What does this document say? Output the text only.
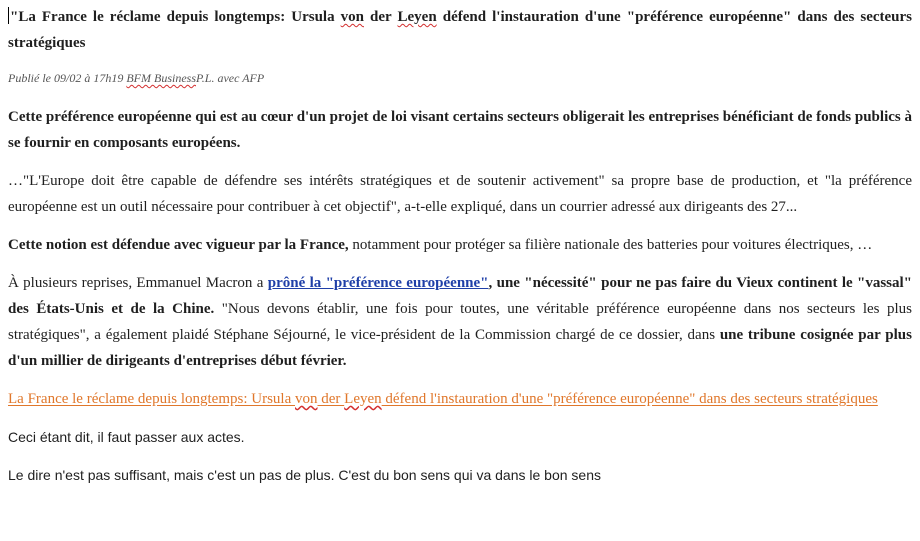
"La France le réclame depuis longtemps: Ursula von der Leyen défend l'instauration d'une "préférence européenne" dans des secteurs stratégiques

Publié le 09/02 à 17h19 BFM BusinessP.L. avec AFP

Cette préférence européenne qui est au cœur d'un projet de loi visant certains secteurs obligerait les entreprises bénéficiant de fonds publics à se fournir en composants européens.

…"L'Europe doit être capable de défendre ses intérêts stratégiques et de soutenir activement" sa propre base de production, et "la préférence européenne est un outil nécessaire pour contribuer à cet objectif", a-t-elle expliqué, dans un courrier adressé aux dirigeants des 27...

Cette notion est défendue avec vigueur par la France, notamment pour protéger sa filière nationale des batteries pour voitures électriques, …

À plusieurs reprises, Emmanuel Macron a prôné la "préférence européenne", une "nécessité" pour ne pas faire du Vieux continent le "vassal" des États-Unis et de la Chine. "Nous devons établir, une fois pour toutes, une véritable préférence européenne dans nos secteurs les plus stratégiques", a également plaidé Stéphane Séjourné, le vice-président de la Commission chargé de ce dossier, dans une tribune cosignée par plus d'un millier de dirigeants d'entreprises début février.

La France le réclame depuis longtemps: Ursula von der Leyen défend l'instauration d'une "préférence européenne" dans des secteurs stratégiques

Ceci étant dit, il faut passer aux actes.

Le dire n'est pas suffisant, mais c'est un pas de plus. C'est du bon sens qui va dans le bon sens
